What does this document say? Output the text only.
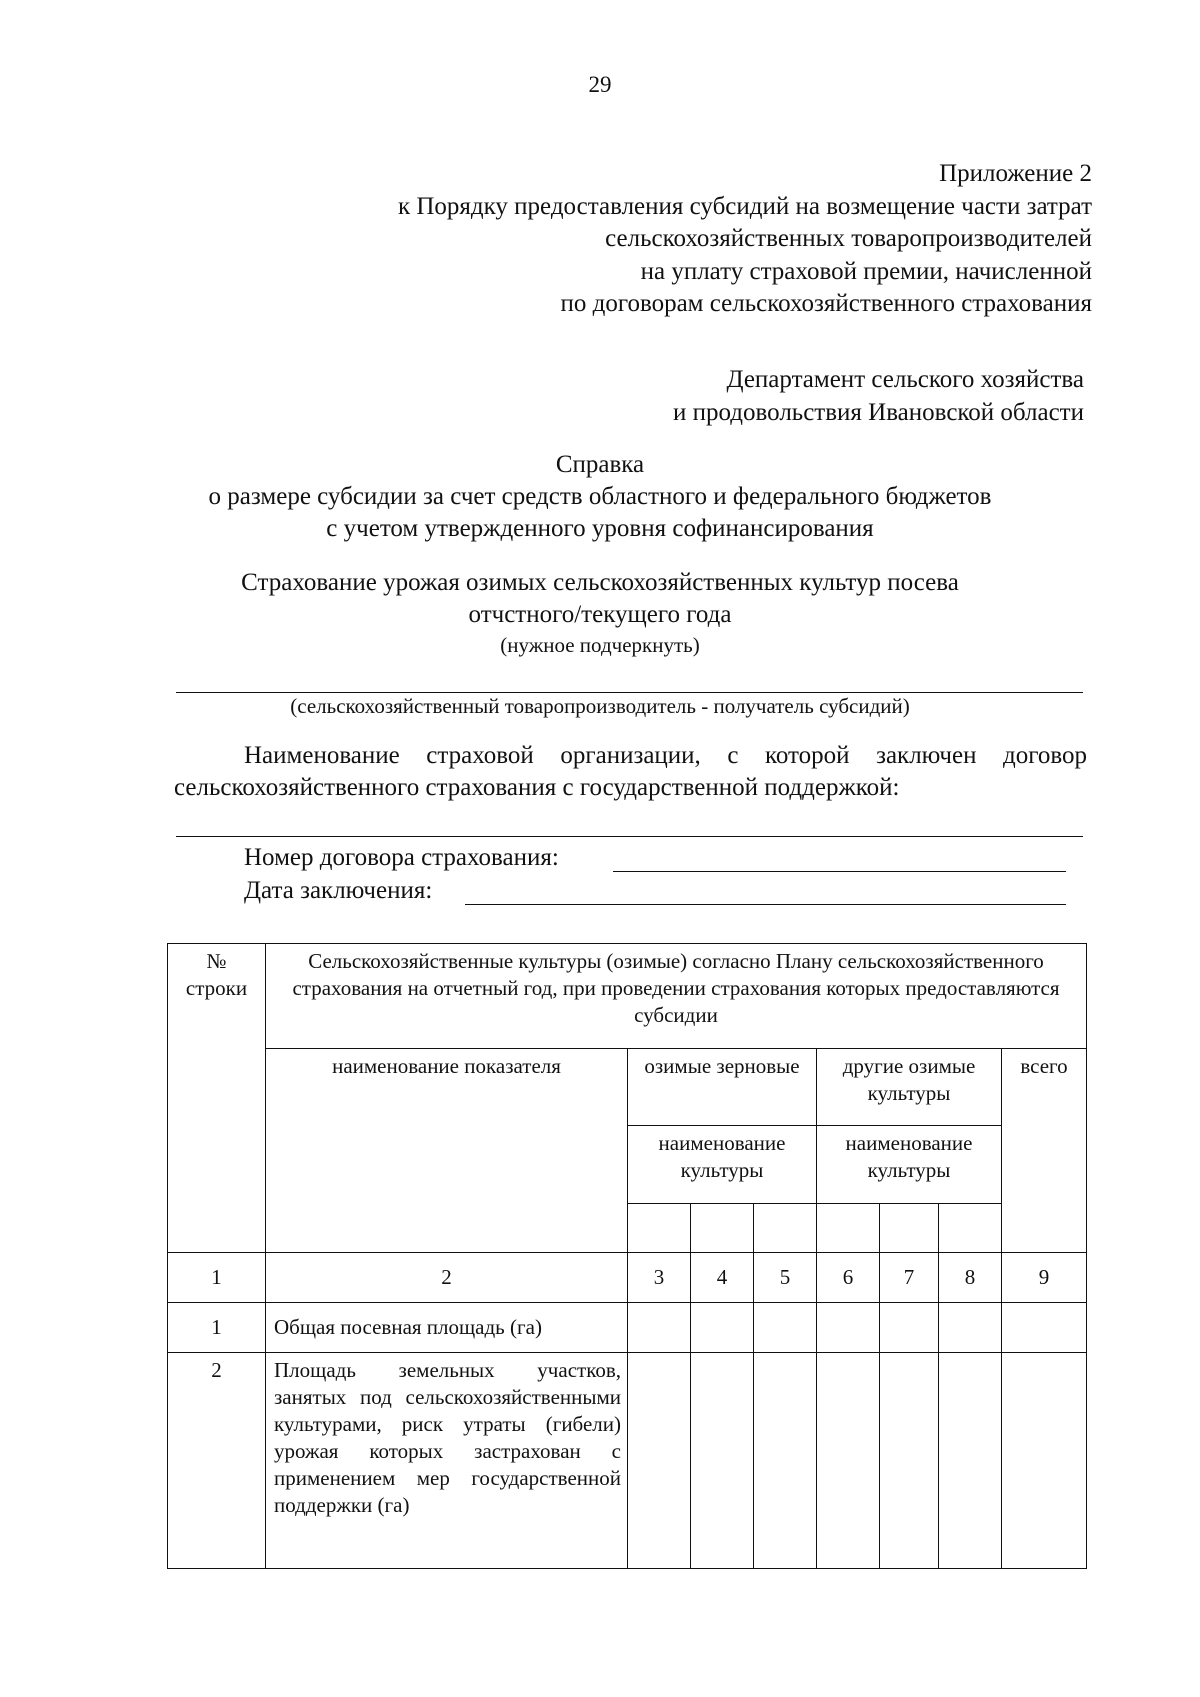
29
Приложение 2
к Порядку предоставления субсидий на возмещение части затрат
сельскохозяйственных товаропроизводителей
на уплату страховой премии, начисленной
по договорам сельскохозяйственного страхования
Департамент сельского хозяйства
и продовольствия Ивановской области
Справка
о размере субсидии за счет средств областного и федерального бюджетов
с учетом утвержденного уровня софинансирования
Страхование урожая озимых сельскохозяйственных культур посева
отчстного/текущего года
(нужное подчеркнуть)
(сельскохозяйственный товаропроизводитель - получатель субсидий)
Наименование страховой организации, с которой заключен договор сельскохозяйственного страхования с государственной поддержкой:
Номер договора страхования:
Дата заключения:
№ строки	Сельскохозяйственные культуры (озимые) согласно Плану сельскохозяйственного страхования на отчетный год, при проведении страхования которых предоставляются субсидии							
	наименование показателя	озимые зерновые			другие озимые культуры			всего
		наименование культуры			наименование культуры			

1	2	3	4	5	6	7	8	9
1	Общая посевная площадь (га)							
2	Площадь земельных участков, занятых под сельскохозяйственными культурами, риск утраты (гибели) урожая которых застрахован с применением мер государственной поддержки (га)							
